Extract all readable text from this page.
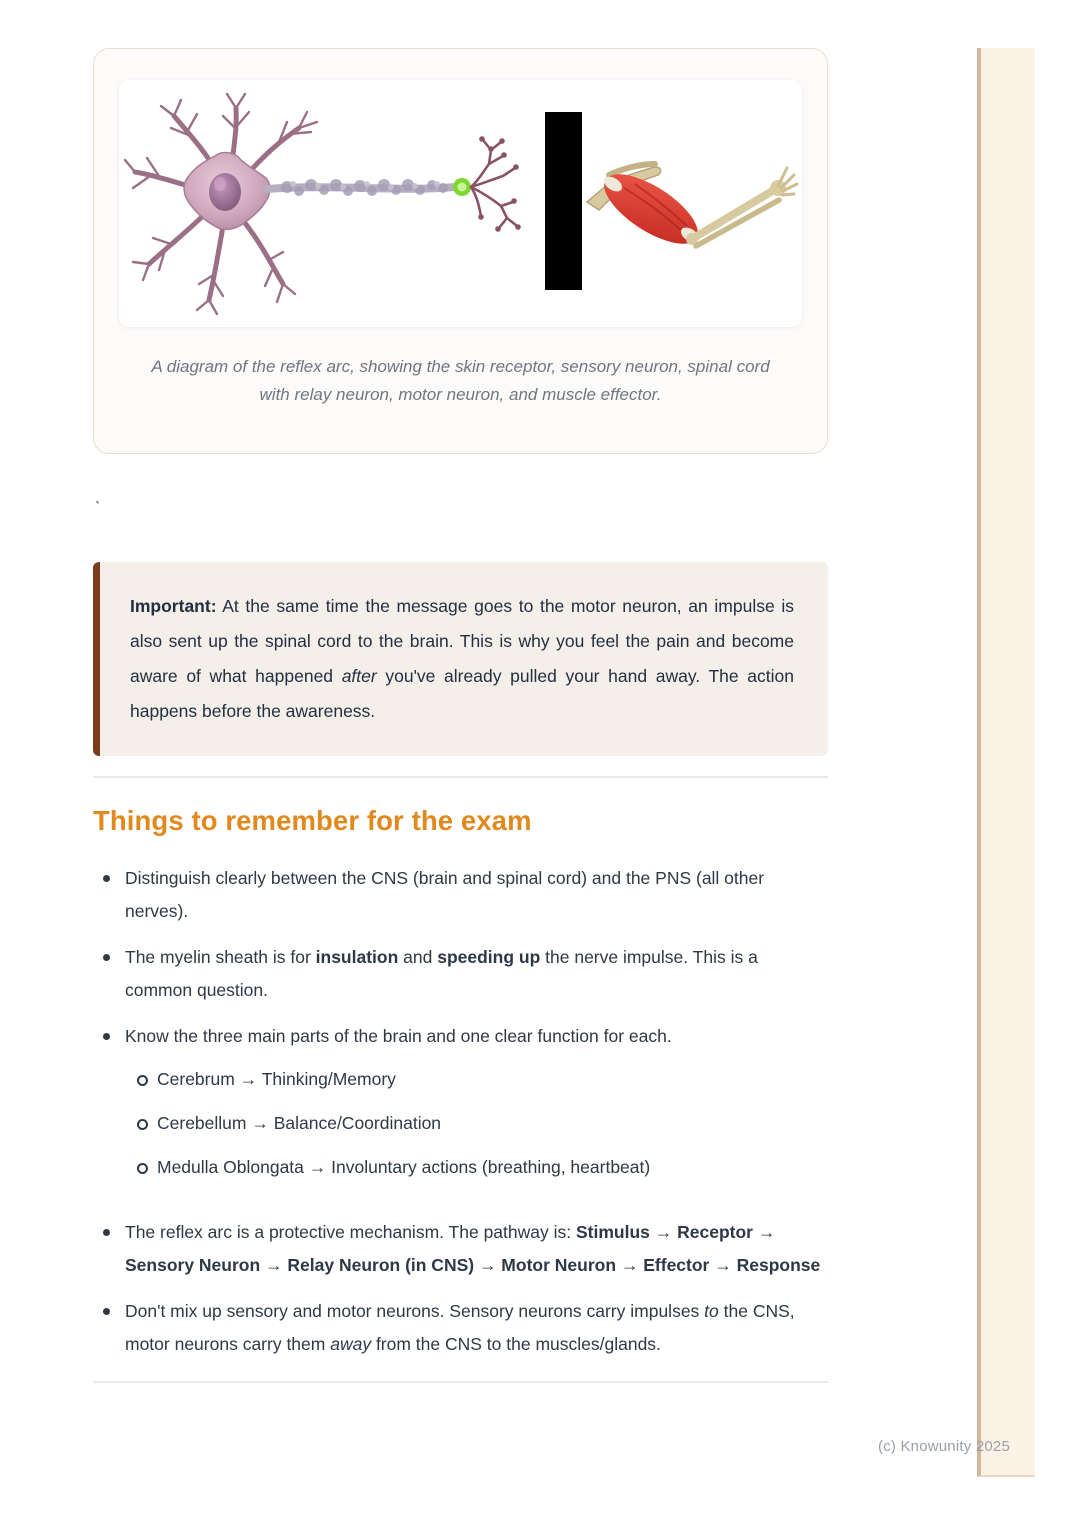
A diagram of the reflex arc, showing the skin receptor, sensory neuron, spinal cord with relay neuron, motor neuron, and muscle effector.

`
Important: At the same time the message goes to the motor neuron, an impulse is also sent up the spinal cord to the brain. This is why you feel the pain and become aware of what happened after you've already pulled your hand away. The action happens before the awareness.
Things to remember for the exam

Distinguish clearly between the CNS (brain and spinal cord) and the PNS (all other nerves).

The myelin sheath is for insulation and speeding up the nerve impulse. This is a common question.

Know the three main parts of the brain and one clear function for each.

Cerebrum → Thinking/Memory

Cerebellum → Balance/Coordination

Medulla Oblongata → Involuntary actions (breathing, heartbeat)

The reflex arc is a protective mechanism. The pathway is: Stimulus → Receptor → Sensory Neuron → Relay Neuron (in CNS) → Motor Neuron → Effector → Response

Don't mix up sensory and motor neurons. Sensory neurons carry impulses to the CNS, motor neurons carry them away from the CNS to the muscles/glands.

(c) Knowunity 2025
